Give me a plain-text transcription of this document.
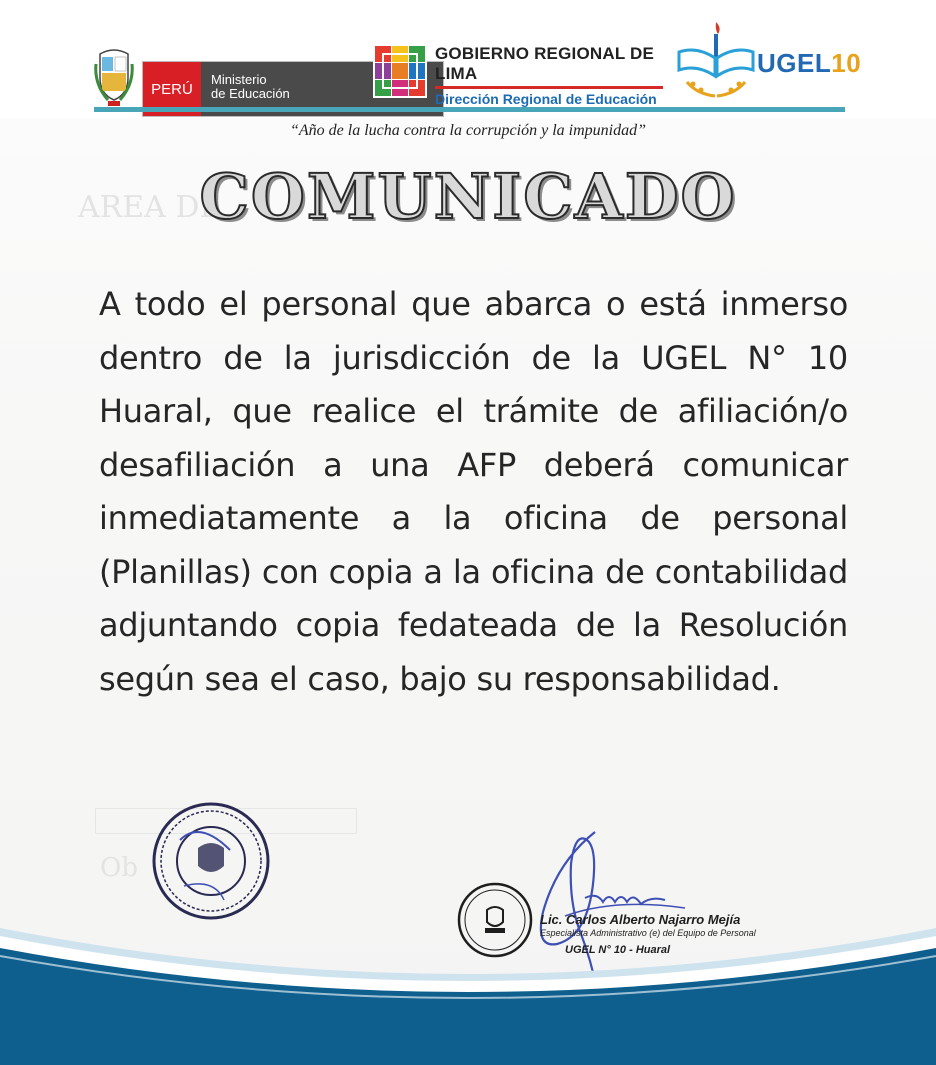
AREA DE
Ob
PERÚ
Ministerio
de Educación
GOBIERNO REGIONAL DE LIMA
Dirección Regional de Educación
UGEL10
“Año de la lucha contra la corrupción y la impunidad”
COMUNICADO

A todo el personal que abarca o está inmerso dentro de la jurisdicción de la UGEL N° 10 Huaral, que realice el trámite de afiliación/o desafiliación a una AFP deberá comunicar inmediatamente a la oficina de personal (Planillas) con copia a la oficina de contabilidad adjuntando copia fedateada de la Resolución según sea el caso, bajo su responsabilidad.

Lic. Carlos Alberto Najarro Mejía
Especialista Administrativo (e) del Equipo de Personal
UGEL N° 10 - Huaral
